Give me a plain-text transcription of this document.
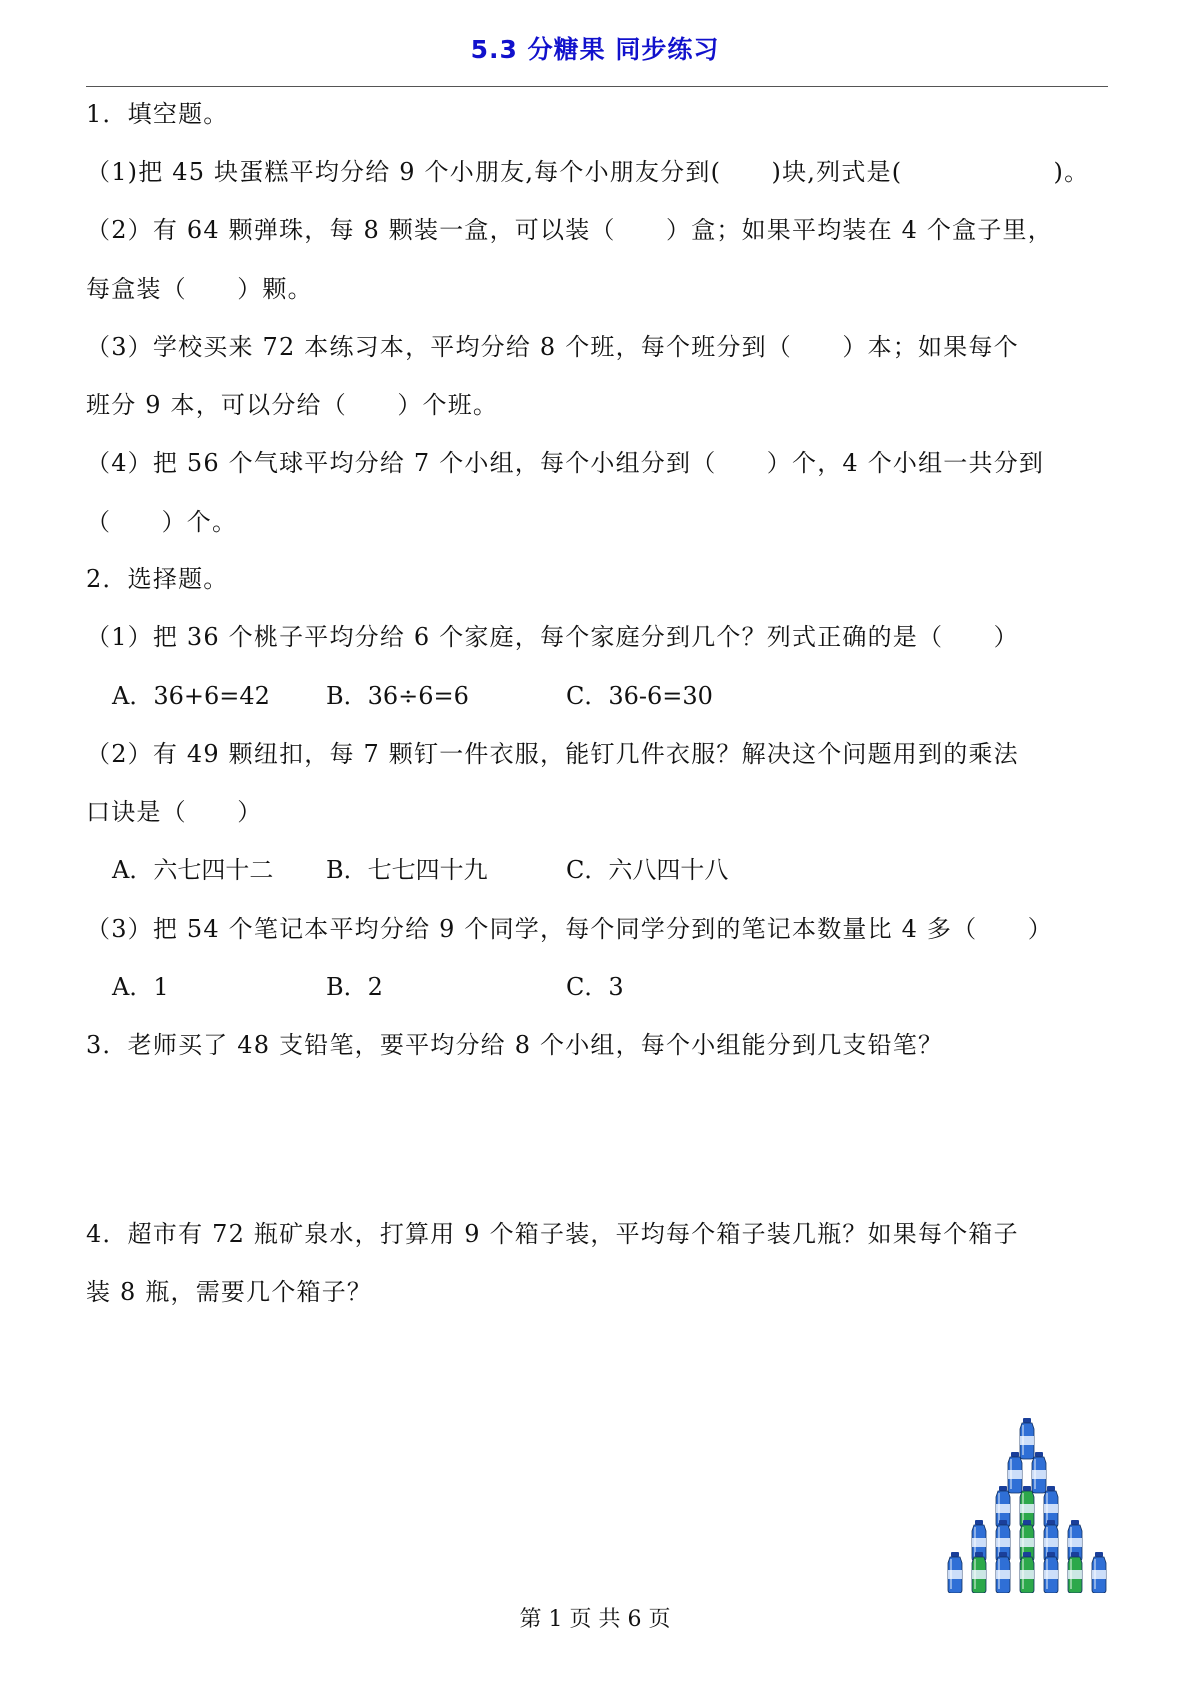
5.3 分糖果 同步练习
1．填空题。
（1)把 45 块蛋糕平均分给 9 个小朋友,每个小朋友分到(　　)块,列式是(　　　　　　)。
（2）有 64 颗弹珠，每 8 颗装一盒，可以装（　　）盒；如果平均装在 4 个盒子里，
每盒装（　　）颗。
（3）学校买来 72 本练习本，平均分给 8 个班，每个班分到（　　）本；如果每个
班分 9 本，可以分给（　　）个班。
（4）把 56 个气球平均分给 7 个小组，每个小组分到（　　）个，4 个小组一共分到
（　　）个。
2．选择题。
（1）把 36 个桃子平均分给 6 个家庭，每个家庭分到几个？列式正确的是（　　）
A．36+6=42 B．36÷6=6	C．36-6=30
（2）有 49 颗纽扣，每 7 颗钉一件衣服，能钉几件衣服？解决这个问题用到的乘法
口诀是（　　）
A．六七四十二 B．七七四十九	C．六八四十八
（3）把 54 个笔记本平均分给 9 个同学，每个同学分到的笔记本数量比 4 多（　　）
A．1	B．2	C．3
3．老师买了 48 支铅笔，要平均分给 8 个小组，每个小组能分到几支铅笔？
4．超市有 72 瓶矿泉水，打算用 9 个箱子装，平均每个箱子装几瓶？如果每个箱子
装 8 瓶，需要几个箱子？
第 1 页 共 6 页
